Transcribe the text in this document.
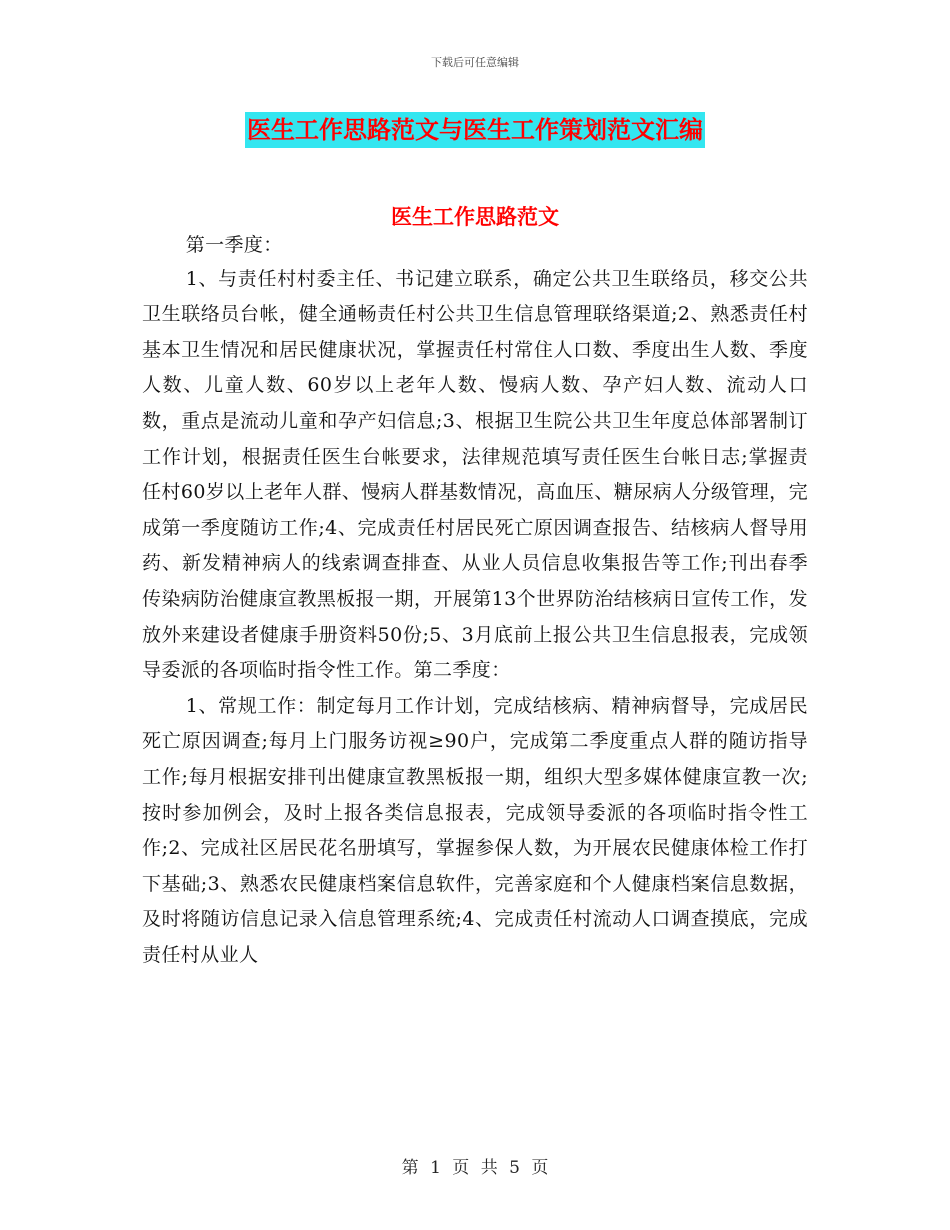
下载后可任意编辑
医生工作思路范文与医生工作策划范文汇编
医生工作思路范文

第一季度：

1、与责任村村委主任、书记建立联系，确定公共卫生联络员，移交公共卫生联络员台帐，健全通畅责任村公共卫生信息管理联络渠道;2、熟悉责任村基本卫生情况和居民健康状况，掌握责任村常住人口数、季度出生人数、季度人数、儿童人数、60岁以上老年人数、慢病人数、孕产妇人数、流动人口 数，重点是流动儿童和孕产妇信息;3、根据卫生院公共卫生年度总体部署制订工作计划，根据责任医生台帐要求，法律规范填写责任医生台帐日志;掌握责任村60岁以上老年人群、慢病人群基数情况，高血压、糖尿病人分级管理，完成第一季度随访工作;4、完成责任村居民死亡原因调查报告、结核病人督导用药、新发精神病人的线索调查排查、从业人员信息收集报告等工作;刊出春季传染病防治健康宣教黑板报一期，开展第13个世界防治结核病日宣传工作，发放外来建设者健康手册资料50份;5、3月底前上报公共卫生信息报表，完成领导委派的各项临时指令性工作。第二季度：

1、常规工作：制定每月工作计划，完成结核病、精神病督导，完成居民死亡原因调查;每月上门服务访视≥90户，完成第二季度重点人群的随访指导工作;每月根据安排刊出健康宣教黑板报一期，组织大型多媒体健康宣教一次;按时参加例会，及时上报各类信息报表，完成领导委派的各项临时指令性工作;2、完成社区居民花名册填写，掌握参保人数，为开展农民健康体检工作打下基础;3、熟悉农民健康档案信息软件，完善家庭和个人健康档案信息数据，及时将随访信息记录入信息管理系统;4、完成责任村流动人口调查摸底，完成责任村从业人

第 1 页 共 5 页
